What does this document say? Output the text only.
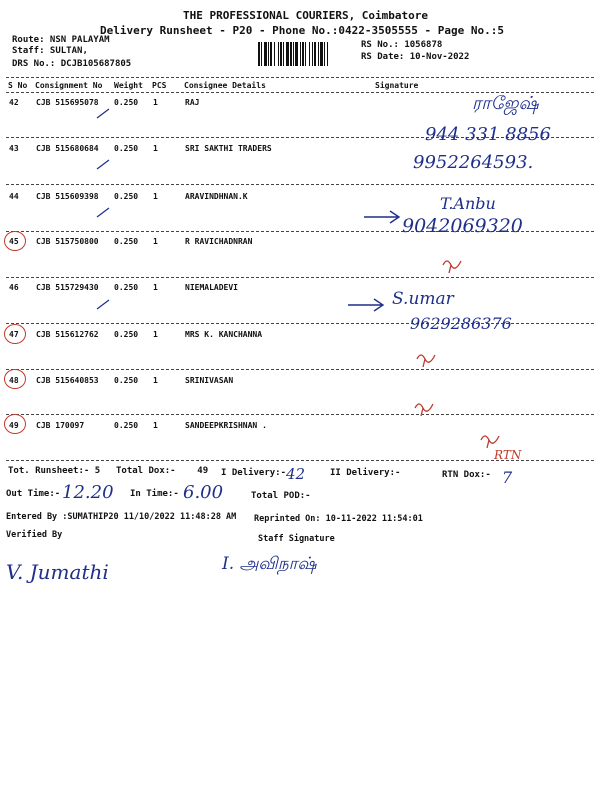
THE PROFESSIONAL COURIERS, Coimbatore
Delivery Runsheet - P20 - Phone No.:0422-3505555 - Page No.:5
Route: NSN PALAYAM
Staff: SULTAN,
DRS No.: DCJB105687805
RS No.: 1056878
RS Date: 10-Nov-2022
S No Consignment No Weight PCS Consignee Details	Signature
42 CJB 515695078 0.250 1	RAJ
43 CJB 515680684 0.250 1	SRI SAKTHI TRADERS
44 CJB 515609398 0.250 1	ARAVINDHNAN.K
45 CJB 515750800 0.250 1	R RAVICHADNRAN
46 CJB 515729430 0.250 1	NIEMALADEVI
47 CJB 515612762 0.250 1	MRS K. KANCHANNA
48 CJB 515640853 0.250 1	SRINIVASAN
49 CJB 170097	0.250 1	SANDEEPKRISHNAN .
ராஜேஷ்
944 331 8856
9952264593.
T.Anbu
9042069320
S.umar
9629286376
RTN
Tot. Runsheet:- 5 Total Dox:-    49 I Delivery:- 42	II Delivery:-	RTN Dox:- 7
Out Time:- 12.20 In Time:- 6.00	Total POD:-
Entered By :SUMATHIP20 11/10/2022 11:48:28 AM Reprinted On: 10-11-2022 11:54:01
Verified By	Staff Signature
V. Jumathi	I. அவிநாஷ்
